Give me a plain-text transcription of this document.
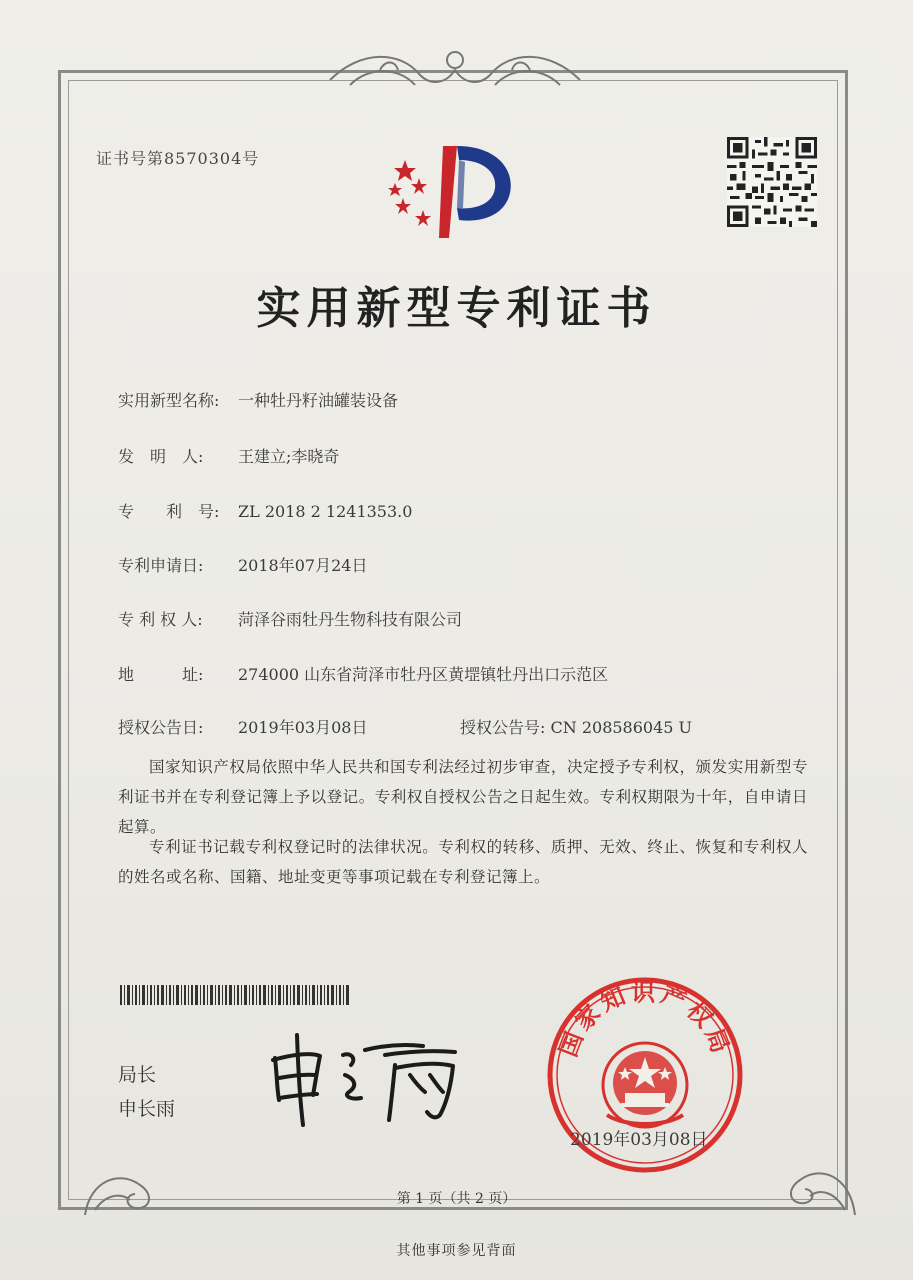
证书号第8570304号
实用新型专利证书
实用新型名称: 一种牡丹籽油罐装设备
发　明　人: 王建立;李晓奇
专　　利　号: ZL 2018 2 1241353.0
专利申请日: 2018年07月24日
专 利 权 人: 菏泽谷雨牡丹生物科技有限公司
地　　　址: 274000 山东省菏泽市牡丹区黄堽镇牡丹出口示范区
授权公告日: 2019年03月08日	授权公告号: CN 208586045 U
国家知识产权局依照中华人民共和国专利法经过初步审查，决定授予专利权，颁发实用新型专利证书并在专利登记簿上予以登记。专利权自授权公告之日起生效。专利权期限为十年，自申请日起算。
专利证书记载专利权登记时的法律状况。专利权的转移、质押、无效、终止、恢复和专利权人的姓名或名称、国籍、地址变更等事项记载在专利登记簿上。
局长
申长雨
国家知识产权局
2019年03月08日
第 1 页（共 2 页）
其他事项参见背面
